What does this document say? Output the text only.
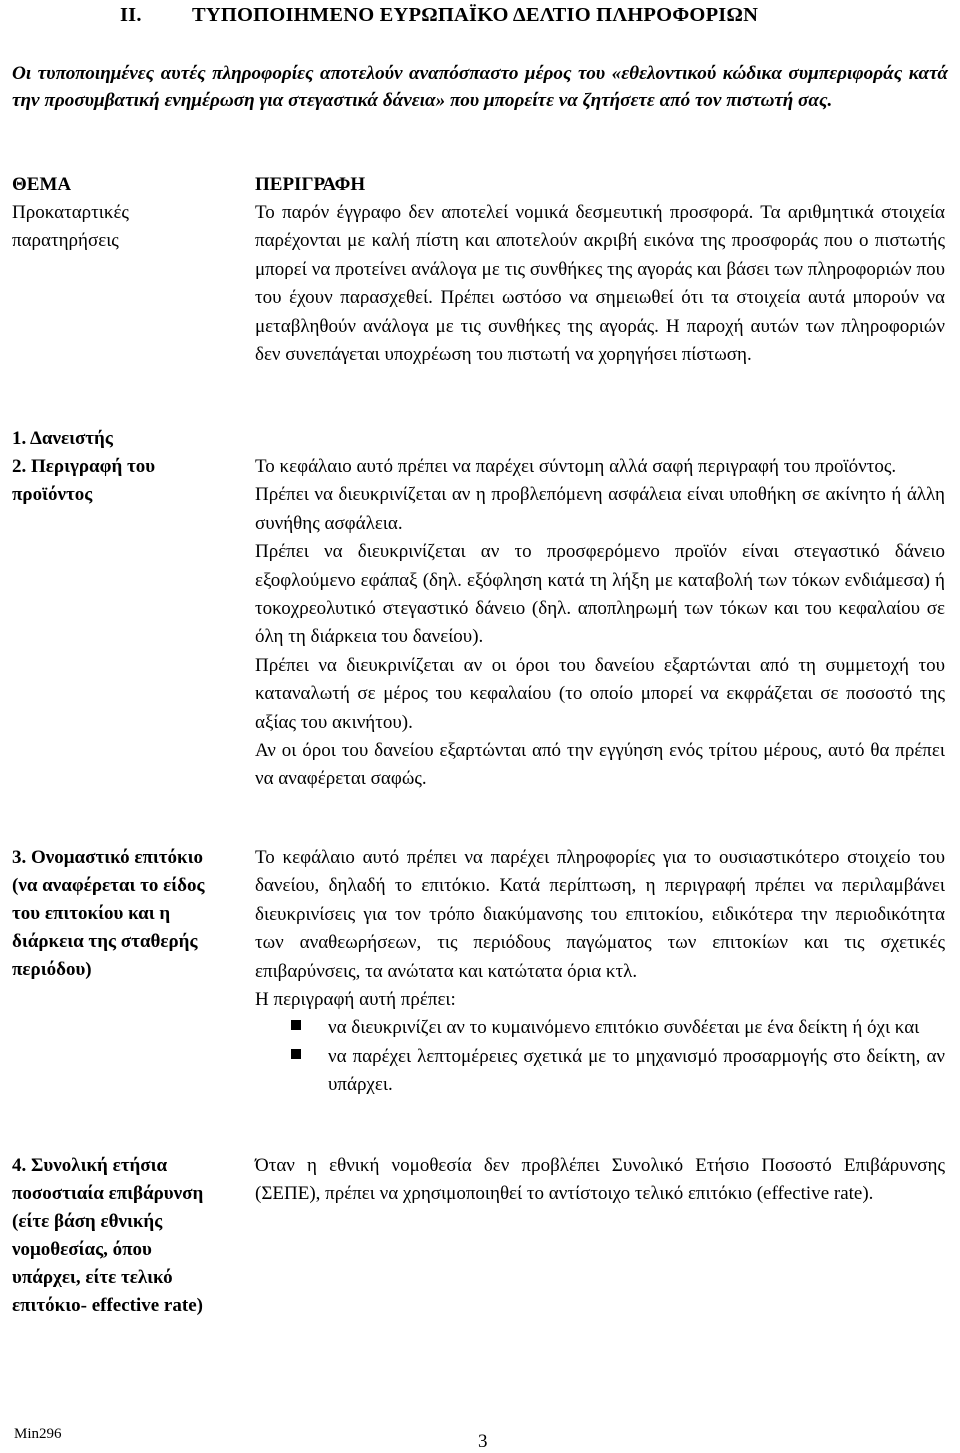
II. ΤΥΠΟΠΟΙΗΜΕΝΟ ΕΥΡΩΠΑΪΚΟ ΔΕΛΤΙΟ ΠΛΗΡΟΦΟΡΙΩΝ
Οι τυποποιημένες αυτές πληροφορίες αποτελούν αναπόσπαστο μέρος του «εθελοντικού κώδικα συμπεριφοράς κατά την προσυμβατική ενημέρωση για στεγαστικά δάνεια» που μπορείτε να ζητήσετε από τον πιστωτή σας.
ΘΕΜΑ	ΠΕΡΙΓΡΑΦΗ
Προκαταρτικές παρατηρήσεις

Το παρόν έγγραφο δεν αποτελεί νομικά δεσμευτική προσφορά. Τα αριθμητικά στοιχεία παρέχονται με καλή πίστη και αποτελούν ακριβή εικόνα της προσφοράς που ο πιστωτής μπορεί να προτείνει ανάλογα με τις συνθήκες της αγοράς και βάσει των πληροφοριών που του έχουν παρασχεθεί. Πρέπει ωστόσο να σημειωθεί ότι τα στοιχεία αυτά μπορούν να μεταβληθούν ανάλογα με τις συνθήκες της αγοράς. Η παροχή αυτών των πληροφοριών δεν συνεπάγεται υποχρέωση του πιστωτή να χορηγήσει πίστωση.

1. Δανειστής
2. Περιγραφή του προϊόντος

Το κεφάλαιο αυτό πρέπει να παρέχει σύντομη αλλά σαφή περιγραφή του προϊόντος.

Πρέπει να διευκρινίζεται αν η προβλεπόμενη ασφάλεια είναι υποθήκη σε ακίνητο ή άλλη συνήθης ασφάλεια.

Πρέπει να διευκρινίζεται αν το προσφερόμενο προϊόν είναι στεγαστικό δάνειο εξοφλούμενο εφάπαξ (δηλ. εξόφληση κατά τη λήξη με καταβολή των τόκων ενδιάμεσα) ή τοκοχρεολυτικό στεγαστικό δάνειο (δηλ. αποπληρωμή των τόκων και του κεφαλαίου σε όλη τη διάρκεια του δανείου).

Πρέπει να διευκρινίζεται αν οι όροι του δανείου εξαρτώνται από τη συμμετοχή του καταναλωτή σε μέρος του κεφαλαίου (το οποίο μπορεί να εκφράζεται σε ποσοστό της αξίας του ακινήτου).

Αν οι όροι του δανείου εξαρτώνται από την εγγύηση ενός τρίτου μέρους, αυτό θα πρέπει να αναφέρεται σαφώς.

3. Ονομαστικό επιτόκιο (να αναφέρεται το είδος του επιτοκίου και η διάρκεια της σταθερής περιόδου)

Το κεφάλαιο αυτό πρέπει να παρέχει πληροφορίες για το ουσιαστικότερο στοιχείο του δανείου, δηλαδή το επιτόκιο. Κατά περίπτωση, η περιγραφή πρέπει να περιλαμβάνει διευκρινίσεις για τον τρόπο διακύμανσης του επιτοκίου, ειδικότερα την περιοδικότητα των αναθεωρήσεων, τις περιόδους παγώματος των επιτοκίων και τις σχετικές επιβαρύνσεις, τα ανώτατα και κατώτατα όρια κτλ.

Η περιγραφή αυτή πρέπει:

να διευκρινίζει αν το κυμαινόμενο επιτόκιο συνδέεται με ένα δείκτη ή όχι και
να παρέχει λεπτομέρειες σχετικά με το μηχανισμό προσαρμογής στο δείκτη, αν υπάρχει.
4. Συνολική ετήσια ποσοστιαία επιβάρυνση (είτε βάση εθνικής νομοθεσίας, όπου υπάρχει, είτε τελικό επιτόκιο- effective rate)

Όταν η εθνική νομοθεσία δεν προβλέπει Συνολικό Ετήσιο Ποσοστό Επιβάρυνσης (ΣΕΠΕ), πρέπει να χρησιμοποιηθεί το αντίστοιχο τελικό επιτόκιο (effective rate).

Min296	3
